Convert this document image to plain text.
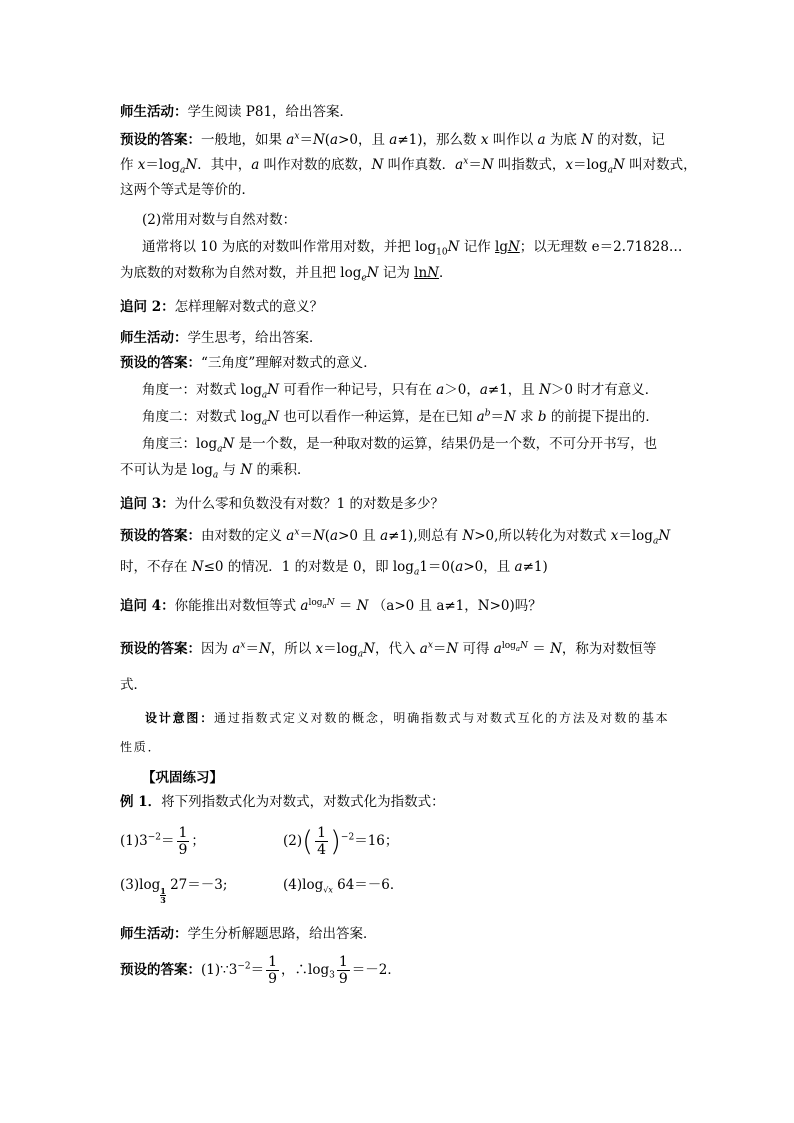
师生活动：学生阅读 P81，给出答案．
预设的答案：一般地，如果 $a^x=N(a>0$，且 a≠1)，那么数 x 叫作以 a 为底 N 的对数，记
作 $x=\log_aN$．其中，a 叫作对数的底数，N 叫作真数．$a^x=N$ 叫指数式，$x=\log_aN$ 叫对数式，
这两个等式是等价的．
(2)常用对数与自然对数：
通常将以 10 为底的对数叫作常用对数，并把 $\log_{10}N$ 记作 lgN；以无理数 e＝2.71828…
为底数的对数称为自然对数，并且把 $\log_eN$ 记为 lnN．
追问 2：怎样理解对数式的意义？
师生活动：学生思考，给出答案．
预设的答案：“三角度”理解对数式的意义．
角度一：对数式 $\log_aN$ 可看作一种记号，只有在 a＞0，a≠1，且 N＞0 时才有意义．
角度二：对数式 $\log_aN$ 也可以看作一种运算，是在已知 $a^b=N$ 求 b 的前提下提出的．
角度三：$\log_aN$ 是一个数，是一种取对数的运算，结果仍是一个数，不可分开书写，也
不可认为是 $\log_a$ 与 N 的乘积．
追问 3：为什么零和负数没有对数？1 的对数是多少？
预设的答案：由对数的定义 $a^x=N(a>0$ 且 a≠1),则总有 N>0,所以转化为对数式 $x=\log_aN$
时，不存在 N≤0 的情况．1 的对数是 0，即 $\log_a1=0(a>0$，且 a≠1)
追问 4：你能推出对数恒等式 $a^{log_aN} = N$ （a>0 且 a≠1，N>0)吗？
预设的答案：因为 $a^x=N$，所以 $x=\log_aN$，代入 $a^x=N$ 可得 $a^{log_aN} = N$，称为对数恒等
式．
设计意图：通过指数式定义对数的概念，明确指数式与对数式互化的方法及对数的基本
性质．
【巩固练习】
例 1．将下列指数式化为对数式，对数式化为指数式：
$(1)3^{-2}= \frac{1}{9}$ ；	$(2)( \frac{1}{4} )^{-2}=16$；
(3)log
$\frac{1}{3}$
27＝－3;	$(4)\log_{√x}$ 64＝－6．
师生活动：学生分析解题思路，给出答案．
预设的答案：$(1)\because 3^{-2}= \frac{1}{9}$ ，$\therefore\log_3 \frac{1}{9} =-2$．
